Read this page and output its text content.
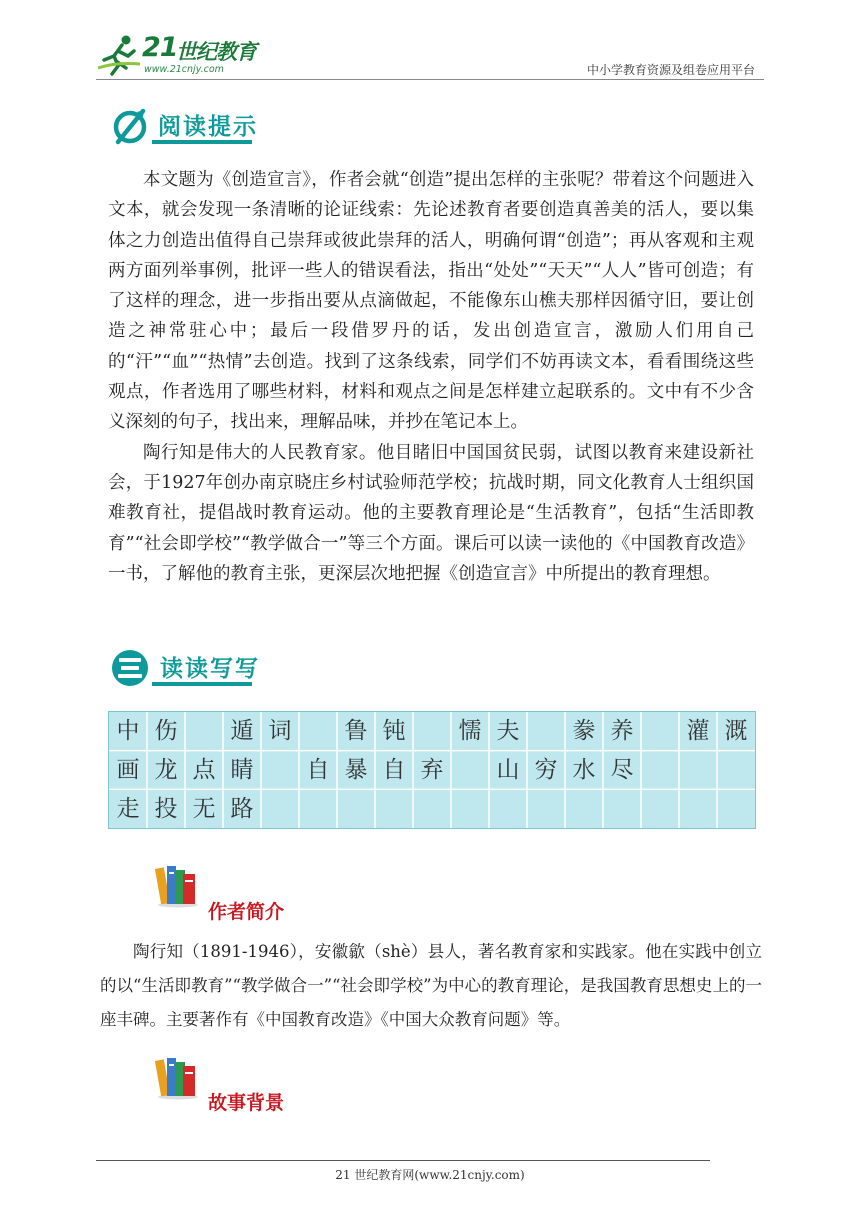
21
世纪教育
www.21cnjy.com	中小学教育资源及组卷应用平台
阅读提示

本文题为《创造宣言》，作者会就“创造”提出怎样的主张呢？带着这个问题进入文本，就会发现一条清晰的论证线索：先论述教育者要创造真善美的活人，要以集体之力创造出值得自己崇拜或彼此崇拜的活人，明确何谓“创造”；再从客观和主观两方面列举事例，批评一些人的错误看法，指出“处处”“天天”“人人”皆可创造；有了这样的理念，进一步指出要从点滴做起，不能像东山樵夫那样因循守旧，要让创造之神常驻心中；最后一段借罗丹的话，发出创造宣言，激励人们用自己的“汗”“血”“热情”去创造。找到了这条线索，同学们不妨再读文本，看看围绕这些观点，作者选用了哪些材料，材料和观点之间是怎样建立起联系的。文中有不少含义深刻的句子，找出来，理解品味，并抄在笔记本上。

陶行知是伟大的人民教育家。他目睹旧中国国贫民弱，试图以教育来建设新社会，于1927年创办南京晓庄乡村试验师范学校；抗战时期，同文化教育人士组织国难教育社，提倡战时教育运动。他的主要教育理论是“生活教育”，包括“生活即教育”“社会即学校”“教学做合一”等三个方面。课后可以读一读他的《中国教育改造》一书，了解他的教育主张，更深层次地把握《创造宣言》中所提出的教育理想。

读读写写
中 伤 遁 词 鲁 钝 懦 夫 豢 养 灌 溉
画 龙 点 睛 自 暴 自 弃 山 穷 水 尽
走 投 无 路
作者简介

陶行知（1891-1946），安徽歙（shè）县人，著名教育家和实践家。他在实践中创立的以“生活即教育”“教学做合一”“社会即学校”为中心的教育理论，是我国教育思想史上的一座丰碑。主要著作有《中国教育改造》《中国大众教育问题》等。

故事背景
21 世纪教育网(www.21cnjy.com)
